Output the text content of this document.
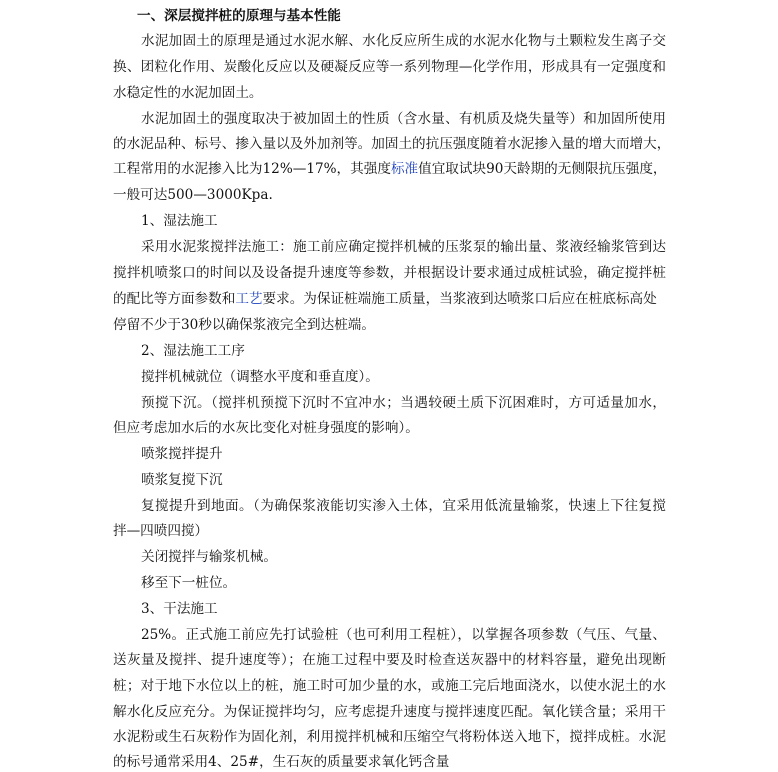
一、深层搅拌桩的原理与基本性能
水泥加固土的原理是通过水泥水解、水化反应所生成的水泥水化物与土颗粒发生离子交
换、团粒化作用、炭酸化反应以及硬凝反应等一系列物理—化学作用，形成具有一定强度和
水稳定性的水泥加固土。
水泥加固土的强度取决于被加固土的性质（含水量、有机质及烧失量等）和加固所使用
的水泥品种、标号、掺入量以及外加剂等。加固土的抗压强度随着水泥掺入量的增大而增大，
工程常用的水泥掺入比为12%—17%，其强度标准值宜取试块90天龄期的无侧限抗压强度，
一般可达500—3000Kpa.
1、湿法施工
采用水泥浆搅拌法施工：施工前应确定搅拌机械的压浆泵的输出量、浆液经输浆管到达
搅拌机喷浆口的时间以及设备提升速度等参数，并根据设计要求通过成桩试验，确定搅拌桩
的配比等方面参数和工艺要求。为保证桩端施工质量，当浆液到达喷浆口后应在桩底标高处
停留不少于30秒以确保浆液完全到达桩端。
2、湿法施工工序
搅拌机械就位（调整水平度和垂直度）。
预搅下沉。（搅拌机预搅下沉时不宜冲水；当遇较硬土质下沉困难时，方可适量加水，
但应考虑加水后的水灰比变化对桩身强度的影响）。
喷浆搅拌提升
喷浆复搅下沉
复搅提升到地面。（为确保浆液能切实渗入土体，宜采用低流量输浆，快速上下往复搅
拌—四喷四搅）
关闭搅拌与输浆机械。
移至下一桩位。
3、干法施工
25%。正式施工前应先打试验桩（也可利用工程桩），以掌握各项参数（气压、气量、
送灰量及搅拌、提升速度等）；在施工过程中要及时检查送灰器中的材料容量，避免出现断
桩；对于地下水位以上的桩，施工时可加少量的水，或施工完后地面浇水，以使水泥土的水
解水化反应充分。为保证搅拌均匀，应考虑提升速度与搅拌速度匹配。氧化镁含量；采用干
水泥粉或生石灰粉作为固化剂，利用搅拌机械和压缩空气将粉体送入地下，搅拌成桩。水泥
的标号通常采用4、25#，生石灰的质量要求氧化钙含量
